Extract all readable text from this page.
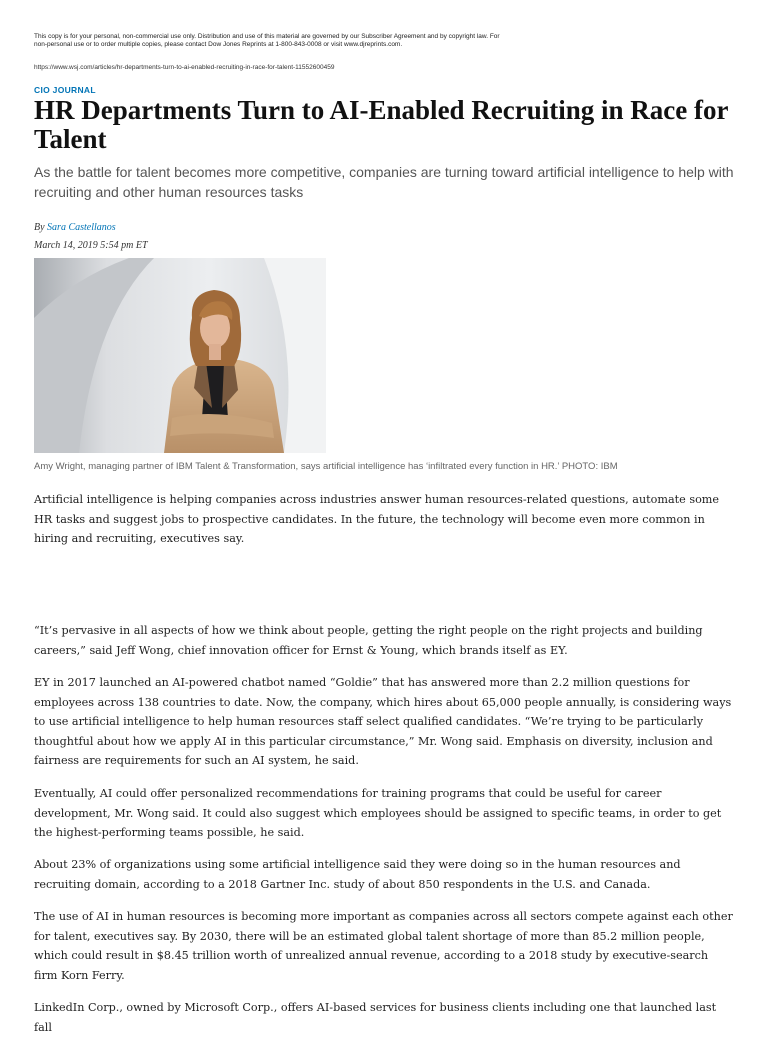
This copy is for your personal, non-commercial use only. Distribution and use of this material are governed by our Subscriber Agreement and by copyright law. For
non-personal use or to order multiple copies, please contact Dow Jones Reprints at 1-800-843-0008 or visit www.djreprints.com.
https://www.wsj.com/articles/hr-departments-turn-to-ai-enabled-recruiting-in-race-for-talent-11552600459
CIO JOURNAL
HR Departments Turn to AI-Enabled Recruiting in Race for Talent

As the battle for talent becomes more competitive, companies are turning toward artificial intelligence to help with recruiting and other human resources tasks

By Sara Castellanos
March 14, 2019 5:54 pm ET
Amy Wright, managing partner of IBM Talent & Transformation, says artificial intelligence has ‘infiltrated every function in HR.’ PHOTO: IBM

Artificial intelligence is helping companies across industries answer human resources-related questions, automate some HR tasks and suggest jobs to prospective candidates. In the future, the technology will become even more common in hiring and recruiting, executives say.

“It’s pervasive in all aspects of how we think about people, getting the right people on the right projects and building careers,” said Jeff Wong, chief innovation officer for Ernst & Young, which brands itself as EY.

EY in 2017 launched an AI-powered chatbot named “Goldie” that has answered more than 2.2 million questions for employees across 138 countries to date. Now, the company, which hires about 65,000 people annually, is considering ways to use artificial intelligence to help human resources staff select qualified candidates. “We’re trying to be particularly thoughtful about how we apply AI in this particular circumstance,” Mr. Wong said. Emphasis on diversity, inclusion and fairness are requirements for such an AI system, he said.

Eventually, AI could offer personalized recommendations for training programs that could be useful for career development, Mr. Wong said. It could also suggest which employees should be assigned to specific teams, in order to get the highest-performing teams possible, he said.

About 23% of organizations using some artificial intelligence said they were doing so in the human resources and recruiting domain, according to a 2018 Gartner Inc. study of about 850 respondents in the U.S. and Canada.

The use of AI in human resources is becoming more important as companies across all sectors compete against each other for talent, executives say. By 2030, there will be an estimated global talent shortage of more than 85.2 million people, which could result in $8.45 trillion worth of unrealized annual revenue, according to a 2018 study by executive-search firm Korn Ferry.

LinkedIn Corp., owned by Microsoft Corp., offers AI-based services for business clients including one that launched last fall
